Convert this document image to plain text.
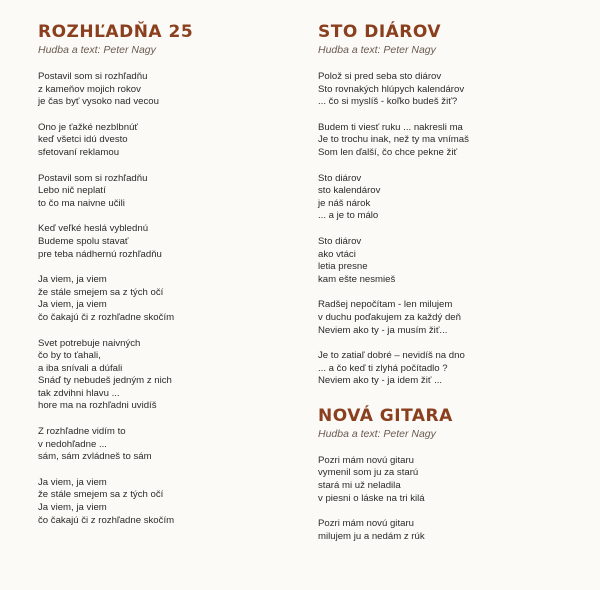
ROZHĽADŇA 25
Hudba a text: Peter Nagy
Postavil som si rozhľadňu
z kameňov mojich rokov
je čas byť vysoko nad vecou
Ono je ťažké nezblbnúť
keď všetci idú dvesto
sfetovaní reklamou
Postavil som si rozhľadňu
Lebo nič neplatí
to čo ma naivne učili
Keď veľké heslá vyblednú
Budeme spolu stavať
pre teba nádhernú rozhľadňu
Ja viem, ja viem
že stále smejem sa z tých očí
Ja viem, ja viem
čo čakajú či z rozhľadne skočím
Svet potrebuje naivných
čo by to ťahali,
a iba snívali a dúfali
Snáď ty nebudeš jedným z nich
tak zdvihni hlavu ...
hore ma na rozhľadni uvidíš
Z rozhľadne vidím to
v nedohľadne ...
sám, sám zvládneš to sám
Ja viem, ja viem
že stále smejem sa z tých očí
Ja viem, ja viem
čo čakajú či z rozhľadne skočím
STO DIÁROV
Hudba a text: Peter Nagy
Polož si pred seba sto diárov
Sto rovnakých hlúpych kalendárov
... čo si myslíš - koľko budeš žiť?
Budem ti viesť ruku ... nakresli ma
Je to trochu inak, než ty ma vnímaš
Som len ďalší, čo chce pekne žiť
Sto diárov
sto kalendárov
je náš nárok
... a je to málo
Sto diárov
ako vtáci
letia presne
kam ešte nesmieš
Radšej nepočítam - len milujem
v duchu poďakujem za každý deň
Neviem ako ty - ja musím žiť...
Je to zatiaľ dobré – nevidíš na dno
... a čo keď ti zlyhá počítadlo ?
Neviem ako ty - ja idem žiť ...
NOVÁ GITARA
Hudba a text: Peter Nagy
Pozri mám novú gitaru
vymenil som ju za starú
stará mi už neladila
v piesni o láske na tri kilá
Pozri mám novú gitaru
milujem ju a nedám z rúk
